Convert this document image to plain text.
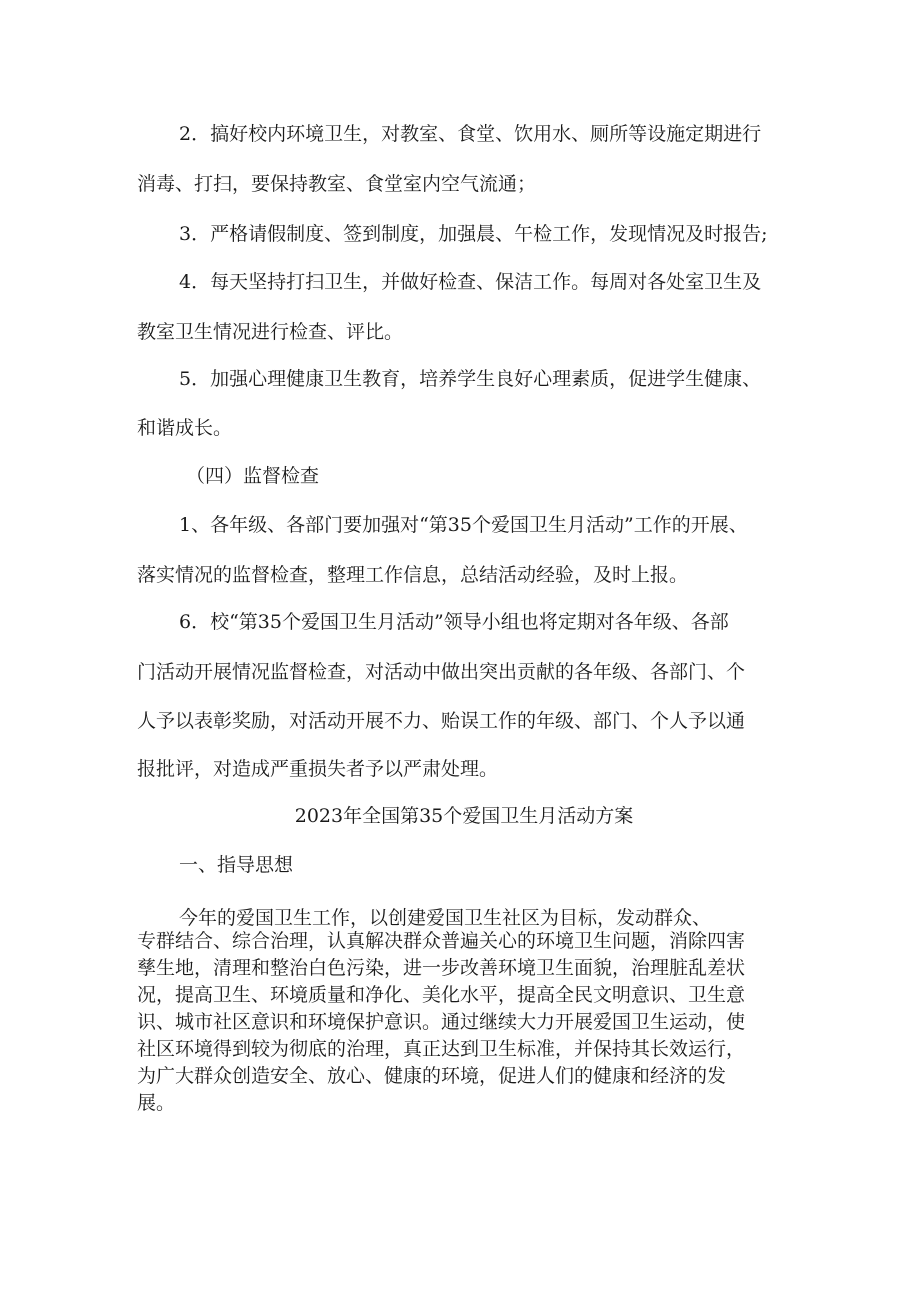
2．搞好校内环境卫生，对教室、食堂、饮用水、厕所等设施定期进行

消毒、打扫，要保持教室、食堂室内空气流通；

3．严格请假制度、签到制度，加强晨、午检工作，发现情况及时报告;

4．每天坚持打扫卫生，并做好检查、保洁工作。每周对各处室卫生及

教室卫生情况进行检查、评比。

5．加强心理健康卫生教育，培养学生良好心理素质，促进学生健康、

和谐成长。

（四）监督检查

1、各年级、各部门要加强对“第35个爱国卫生月活动”工作的开展、

落实情况的监督检查，整理工作信息，总结活动经验，及时上报。

6．校“第35个爱国卫生月活动”领导小组也将定期对各年级、各部

门活动开展情况监督检查，对活动中做出突出贡献的各年级、各部门、个

人予以表彰奖励，对活动开展不力、贻误工作的年级、部门、个人予以通

报批评，对造成严重损失者予以严肃处理。

2023年全国第35个爱国卫生月活动方案

一、指导思想

今年的爱国卫生工作，以创建爱国卫生社区为目标，发动群众、

专群结合、综合治理，认真解决群众普遍关心的环境卫生问题，消除四害
孳生地，清理和整治白色污染，进一步改善环境卫生面貌，治理脏乱差状
况，提高卫生、环境质量和净化、美化水平，提高全民文明意识、卫生意
识、城市社区意识和环境保护意识。通过继续大力开展爱国卫生运动，使
社区环境得到较为彻底的治理，真正达到卫生标准，并保持其长效运行，
为广大群众创造安全、放心、健康的环境，促进人们的健康和经济的发
展。
